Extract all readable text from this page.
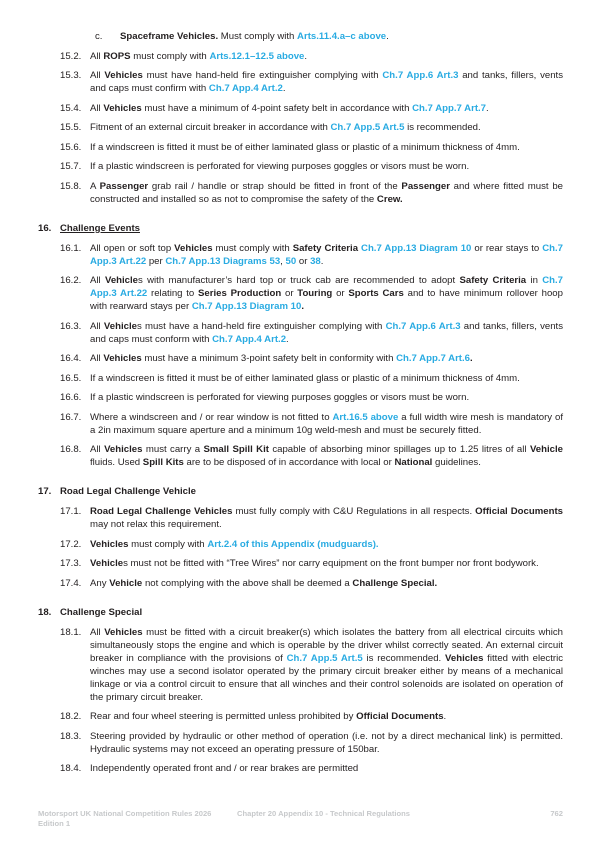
c.	Spaceframe Vehicles. Must comply with Arts.11.4.a–c above.
15.2. All ROPS must comply with Arts.12.1–12.5 above.
15.3. All Vehicles must have hand-held fire extinguisher complying with Ch.7 App.6 Art.3 and tanks, fillers, vents and caps must confirm with Ch.7 App.4 Art.2.
15.4. All Vehicles must have a minimum of 4-point safety belt in accordance with Ch.7 App.7 Art.7.
15.5. Fitment of an external circuit breaker in accordance with Ch.7 App.5 Art.5 is recommended.
15.6. If a windscreen is fitted it must be of either laminated glass or plastic of a minimum thickness of 4mm.
15.7. If a plastic windscreen is perforated for viewing purposes goggles or visors must be worn.
15.8. A Passenger grab rail / handle or strap should be fitted in front of the Passenger and where fitted must be constructed and installed so as not to compromise the safety of the Crew.
16. Challenge Events
16.1. All open or soft top Vehicles must comply with Safety Criteria Ch.7 App.13 Diagram 10 or rear stays to Ch.7 App.3 Art.22 per Ch.7 App.13 Diagrams 53, 50 or 38.
16.2. All Vehicles with manufacturer’s hard top or truck cab are recommended to adopt Safety Criteria in Ch.7 App.3 Art.22 relating to Series Production or Touring or Sports Cars and to have minimum rollover hoop with rearward stays per Ch.7 App.13 Diagram 10.
16.3. All Vehicles must have a hand-held fire extinguisher complying with Ch.7 App.6 Art.3 and tanks, fillers, vents and caps must conform with Ch.7 App.4 Art.2.
16.4. All Vehicles must have a minimum 3-point safety belt in conformity with Ch.7 App.7 Art.6.
16.5. If a windscreen is fitted it must be of either laminated glass or plastic of a minimum thickness of 4mm.
16.6. If a plastic windscreen is perforated for viewing purposes goggles or visors must be worn.
16.7. Where a windscreen and / or rear window is not fitted to Art.16.5 above a full width wire mesh is mandatory of a 2in maximum square aperture and a minimum 10g weld-mesh and must be securely fitted.
16.8. All Vehicles must carry a Small Spill Kit capable of absorbing minor spillages up to 1.25 litres of all Vehicle fluids. Used Spill Kits are to be disposed of in accordance with local or National guidelines.
17. Road Legal Challenge Vehicle
17.1. Road Legal Challenge Vehicles must fully comply with C&U Regulations in all respects. Official Documents may not relax this requirement.
17.2. Vehicles must comply with Art.2.4 of this Appendix (mudguards).
17.3. Vehicles must not be fitted with “Tree Wires” nor carry equipment on the front bumper nor front bodywork.
17.4. Any Vehicle not complying with the above shall be deemed a Challenge Special.
18. Challenge Special
18.1. All Vehicles must be fitted with a circuit breaker(s) which isolates the battery from all electrical circuits which simultaneously stops the engine and which is operable by the driver whilst correctly seated. An external circuit breaker in compliance with the provisions of Ch.7 App.5 Art.5 is recommended. Vehicles fitted with electric winches may use a second isolator operated by the primary circuit breaker either by means of a mechanical linkage or via a control circuit to ensure that all winches and their control solenoids are isolated on operation of the primary circuit breaker.
18.2. Rear and four wheel steering is permitted unless prohibited by Official Documents.
18.3. Steering provided by hydraulic or other method of operation (i.e. not by a direct mechanical link) is permitted. Hydraulic systems may not exceed an operating pressure of 150bar.
18.4. Independently operated front and / or rear brakes are permitted
Motorsport UK National Competition Rules 2026
Edition 1
Chapter 20 Appendix 10 - Technical Regulations	762
